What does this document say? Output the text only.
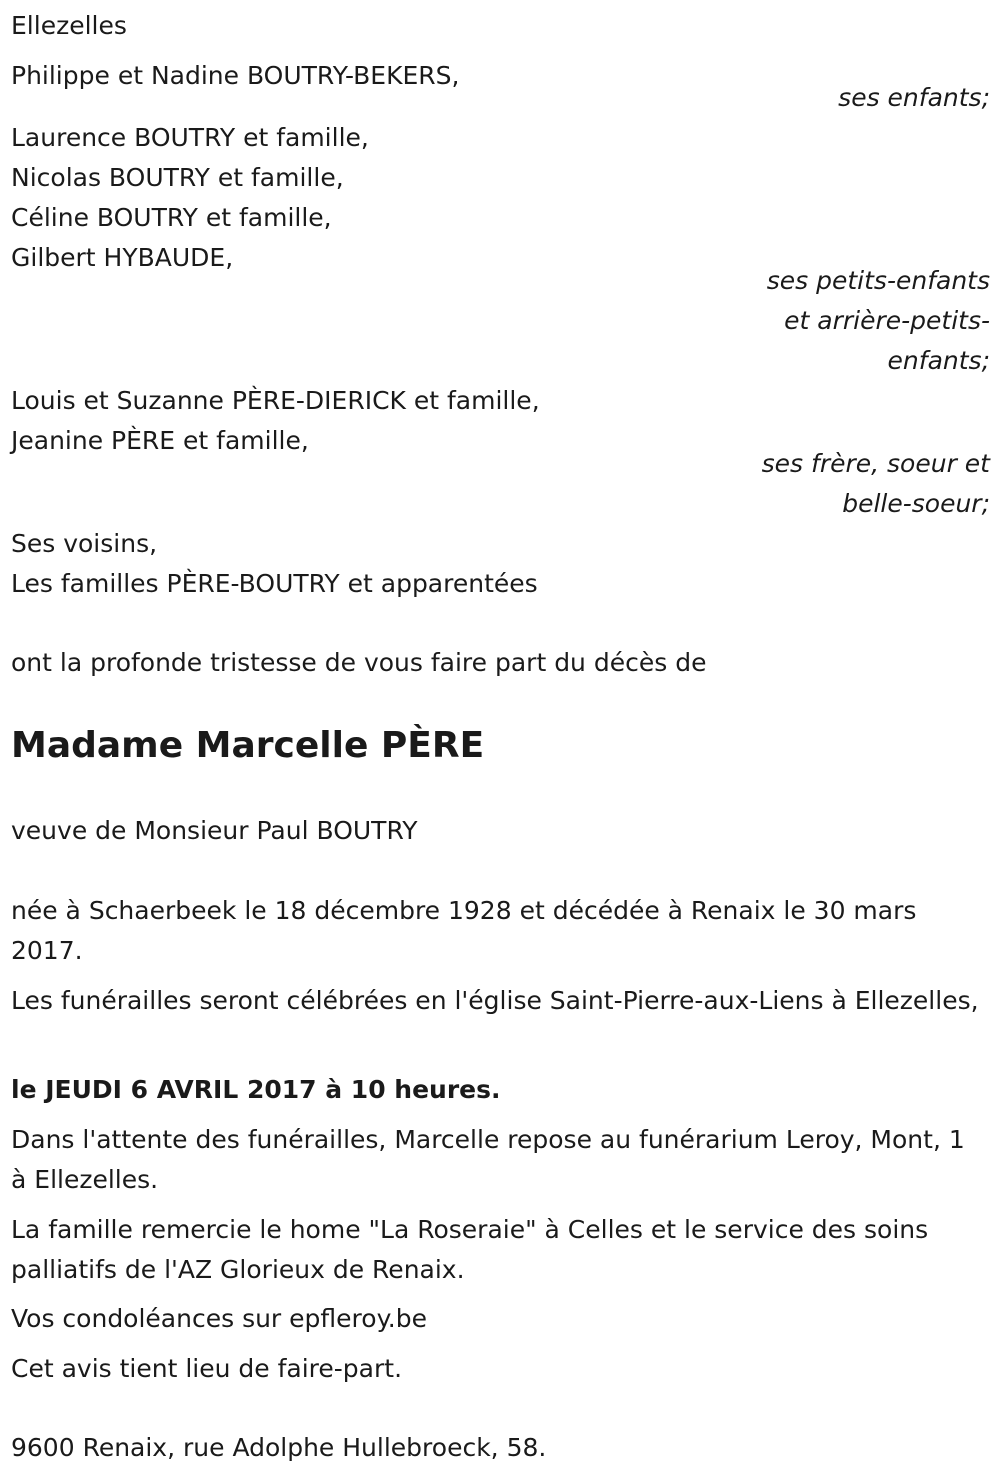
Ellezelles

Philippe et Nadine BOUTRY-BEKERS,

ses enfants;

Laurence BOUTRY et famille,

Nicolas BOUTRY et famille,

Céline BOUTRY et famille,

Gilbert HYBAUDE,

ses petits-enfants

et arrière-petits-

enfants;

Louis et Suzanne PÈRE-DIERICK et famille,

Jeanine PÈRE et famille,

ses frère, soeur et

belle-soeur;

Ses voisins,

Les familles PÈRE-BOUTRY et apparentées

ont la profonde tristesse de vous faire part du décès de

Madame Marcelle PÈRE

veuve de Monsieur Paul BOUTRY

née à Schaerbeek le 18 décembre 1928 et décédée à Renaix le 30 mars 2017.

Les funérailles seront célébrées en l'église Saint-Pierre-aux-Liens à Ellezelles,

le JEUDI 6 AVRIL 2017 à 10 heures.

Dans l'attente des funérailles, Marcelle repose au funérarium Leroy, Mont, 1 à Ellezelles.

La famille remercie le home "La Roseraie" à Celles et le service des soins palliatifs de l'AZ Glorieux de Renaix.

Vos condoléances sur epfleroy.be

Cet avis tient lieu de faire-part.

9600 Renaix, rue Adolphe Hullebroeck, 58.
